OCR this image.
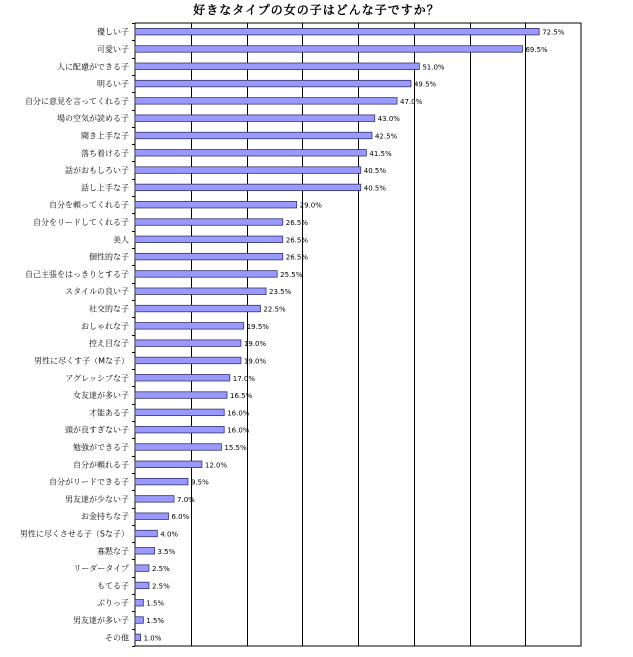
優しい子	72.5%
可愛い子	69.5%
人に配慮ができる子	51.0%
明るい子	49.5%
自分に意見を言ってくれる子	47.0%
場の空気が読める子	43.0%
聞き上手な子	42.5%
落ち着ける子	41.5%
話がおもしろい子	40.5%
話し上手な子	40.5%
自分を頼ってくれる子	29.0%
自分をリードしてくれる子	26.5%
美人	26.5%
個性的な子	26.5%
自己主張をはっきりとする子	25.5%
スタイルの良い子	23.5%
社交的な子	22.5%
おしゃれな子	19.5%
控え目な子	19.0%
男性に尽くす子（Mな子）	19.0%
アグレッシブな子	17.0%
女友達が多い子	16.5%
才能ある子	16.0%
頭が良すぎない子	16.0%
勉強ができる子	15.5%
自分が頼れる子	12.0%
自分がリードできる子	9.5%
男友達が少ない子	7.0%
お金持ちな子	6.0%
男性に尽くさせる子（Sな子）	4.0%
寡黙な子	3.5%
リーダータイプ	2.5%
もてる子	2.5%
ぶりっ子 1.5%
男友達が多い子 1.5%
その他 1.0%
好きなタイプの女の子はどんな子ですか？
